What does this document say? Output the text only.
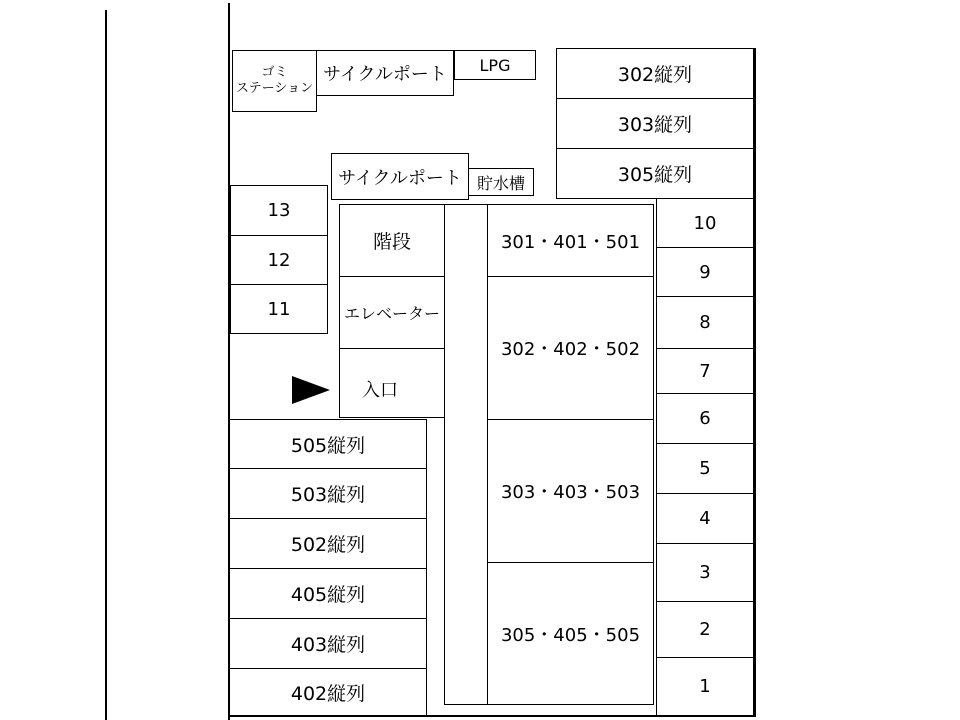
ゴミ
ステーション
サイクルポート LPG	302縦列
303縦列
305縦列
サイクルポート 貯水槽
13
12
11
階段
エレベーター
入口
301・401・501
302・402・502
303・403・503
305・405・505
10
9
8
7
6
5
4
3
2
1
505縦列
503縦列
502縦列
405縦列
403縦列
402縦列
